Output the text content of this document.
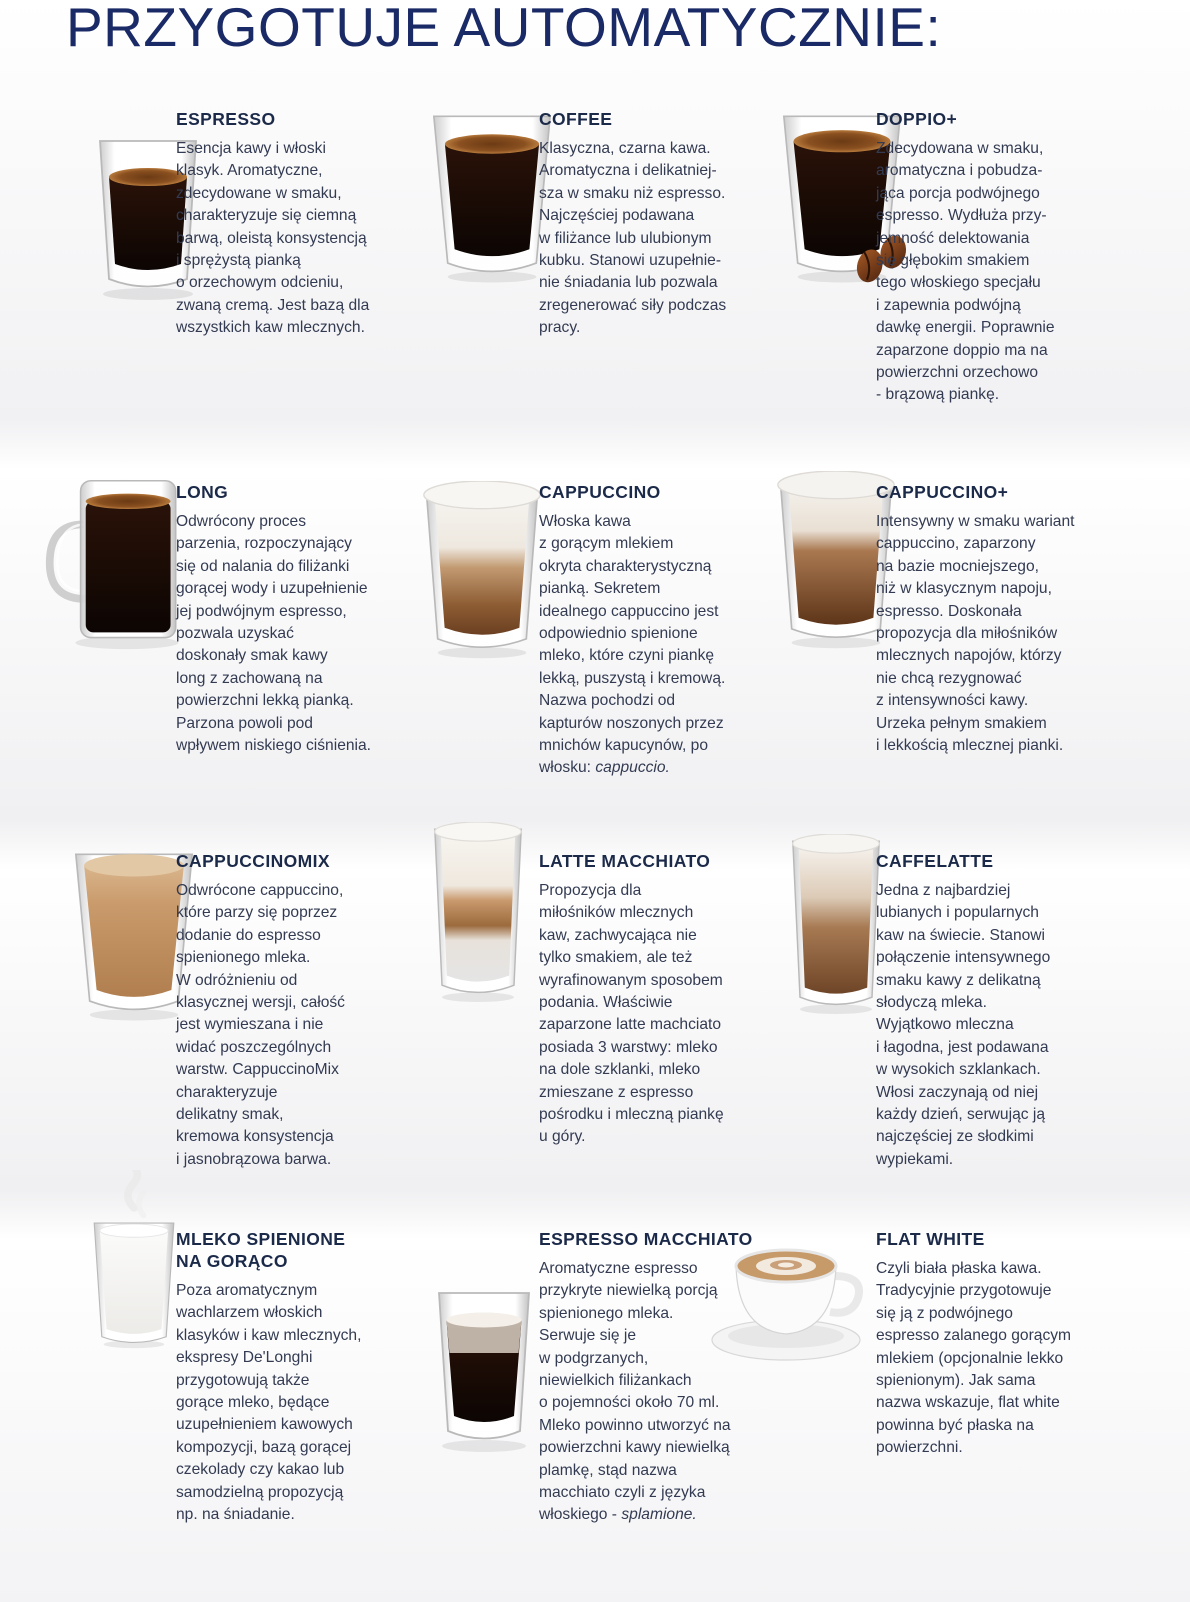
PRZYGOTUJE AUTOMATYCZNIE:
ESPRESSO

Esencja kawy i włoski
klasyk. Aromatyczne,
zdecydowane w smaku,
charakteryzuje się ciemną
barwą, oleistą konsystencją
i sprężystą pianką
o orzechowym odcieniu,
zwaną cremą. Jest bazą dla
wszystkich kaw mlecznych.

COFFEE

Klasyczna, czarna kawa.
Aromatyczna i delikatniej-
sza w smaku niż espresso.
Najczęściej podawana
w filiżance lub ulubionym
kubku. Stanowi uzupełnie-
nie śniadania lub pozwala
zregenerować siły podczas
pracy.

DOPPIO+

Zdecydowana w smaku,
aromatyczna i pobudza-
jąca porcja podwójnego
espresso. Wydłuża przy-
jemność delektowania
się głębokim smakiem
tego włoskiego specjału
i zapewnia podwójną
dawkę energii. Poprawnie
zaparzone doppio ma na
powierzchni orzechowo
- brązową piankę.

LONG

Odwrócony proces
parzenia, rozpoczynający
się od nalania do filiżanki
gorącej wody i uzupełnienie
jej podwójnym espresso,
pozwala uzyskać
doskonały smak kawy
long z zachowaną na
powierzchni lekką pianką.
Parzona powoli pod
wpływem niskiego ciśnienia.

CAPPUCCINO

Włoska kawa
z gorącym mlekiem
okryta charakterystyczną
pianką. Sekretem
idealnego cappuccino jest
odpowiednio spienione
mleko, które czyni piankę
lekką, puszystą i kremową.
Nazwa pochodzi od
kapturów noszonych przez
mnichów kapucynów, po
włosku: cappuccio.

CAPPUCCINO+

Intensywny w smaku wariant
cappuccino, zaparzony
na bazie mocniejszego,
niż w klasycznym napoju,
espresso. Doskonała
propozycja dla miłośników
mlecznych napojów, którzy
nie chcą rezygnować
z intensywności kawy.
Urzeka pełnym smakiem
i lekkością mlecznej pianki.

CAPPUCCINOMIX

Odwrócone cappuccino,
które parzy się poprzez
dodanie do espresso
spienionego mleka.
W odróżnieniu od
klasycznej wersji, całość
jest wymieszana i nie
widać poszczególnych
warstw. CappuccinoMix
charakteryzuje
delikatny smak,
kremowa konsystencja
i jasnobrązowa barwa.

LATTE MACCHIATO

Propozycja dla
miłośników mlecznych
kaw, zachwycająca nie
tylko smakiem, ale też
wyrafinowanym sposobem
podania. Właściwie
zaparzone latte machciato
posiada 3 warstwy: mleko
na dole szklanki, mleko
zmieszane z espresso
pośrodku i mleczną piankę
u góry.

CAFFELATTE

Jedna z najbardziej
lubianych i popularnych
kaw na świecie. Stanowi
połączenie intensywnego
smaku kawy z delikatną
słodyczą mleka.
Wyjątkowo mleczna
i łagodna, jest podawana
w wysokich szklankach.
Włosi zaczynają od niej
każdy dzień, serwując ją
najczęściej ze słodkimi
wypiekami.

MLEKO SPIENIONE NA GORĄCO

Poza aromatycznym
wachlarzem włoskich
klasyków i kaw mlecznych,
ekspresy De'Longhi
przygotowują także
gorące mleko, będące
uzupełnieniem kawowych
kompozycji, bazą gorącej
czekolady czy kakao lub
samodzielną propozycją
np. na śniadanie.

ESPRESSO MACCHIATO

Aromatyczne espresso
przykryte niewielką porcją
spienionego mleka.
Serwuje się je
w podgrzanych,
niewielkich filiżankach
o pojemności około 70 ml.
Mleko powinno utworzyć na
powierzchni kawy niewielką
plamkę, stąd nazwa
macchiato czyli z języka
włoskiego - splamione.

FLAT WHITE

Czyli biała płaska kawa.
Tradycyjnie przygotowuje
się ją z podwójnego
espresso zalanego gorącym
mlekiem (opcjonalnie lekko
spienionym). Jak sama
nazwa wskazuje, flat white
powinna być płaska na
powierzchni.
